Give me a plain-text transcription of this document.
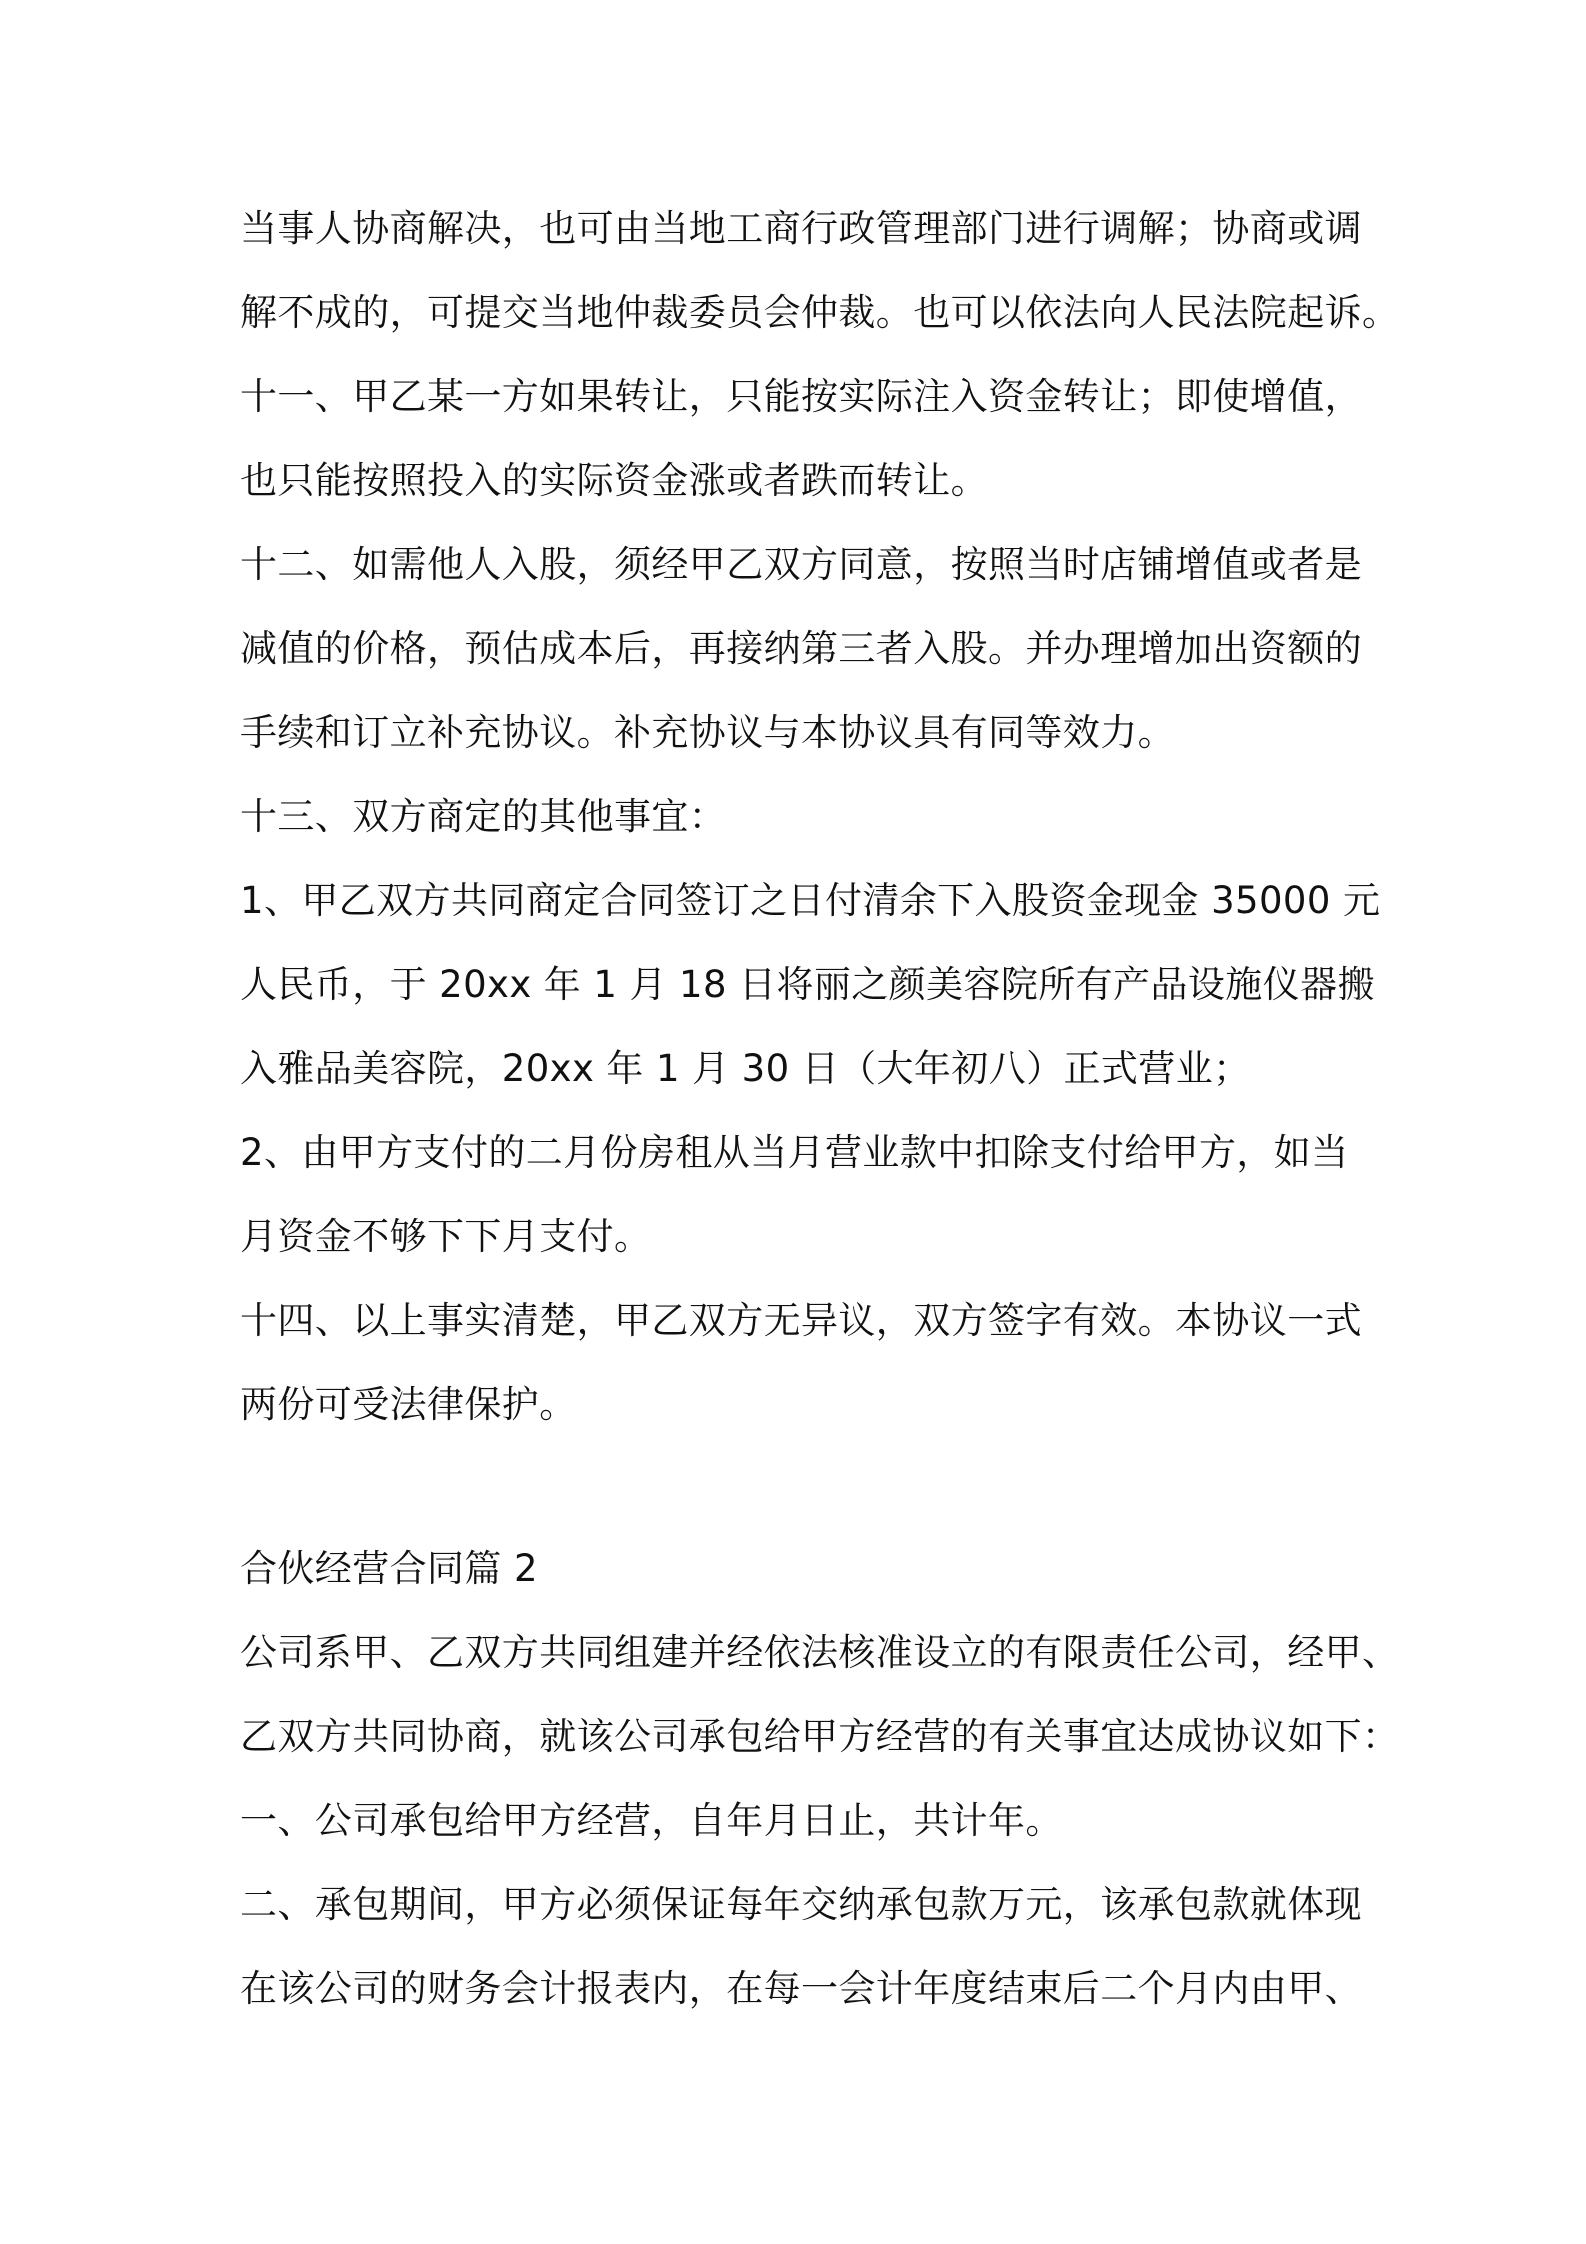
当事人协商解决，也可由当地工商行政管理部门进行调解；协商或调
解不成的，可提交当地仲裁委员会仲裁。也可以依法向人民法院起诉。
十一、甲乙某一方如果转让，只能按实际注入资金转让；即使增值，
也只能按照投入的实际资金涨或者跌而转让。
十二、如需他人入股，须经甲乙双方同意，按照当时店铺增值或者是
减值的价格，预估成本后，再接纳第三者入股。并办理增加出资额的
手续和订立补充协议。补充协议与本协议具有同等效力。
十三、双方商定的其他事宜：
1、甲乙双方共同商定合同签订之日付清余下入股资金现金 35000 元
人民币，于 20xx 年 1 月 18 日将丽之颜美容院所有产品设施仪器搬
入雅品美容院，20xx 年 1 月 30 日（大年初八）正式营业；
2、由甲方支付的二月份房租从当月营业款中扣除支付给甲方，如当
月资金不够下下月支付。
十四、以上事实清楚，甲乙双方无异议，双方签字有效。本协议一式
两份可受法律保护。
合伙经营合同篇 2
公司系甲、乙双方共同组建并经依法核准设立的有限责任公司，经甲、
乙双方共同协商，就该公司承包给甲方经营的有关事宜达成协议如下：
一、公司承包给甲方经营，自年月日止，共计年。
二、承包期间，甲方必须保证每年交纳承包款万元，该承包款就体现
在该公司的财务会计报表内，在每一会计年度结束后二个月内由甲、
